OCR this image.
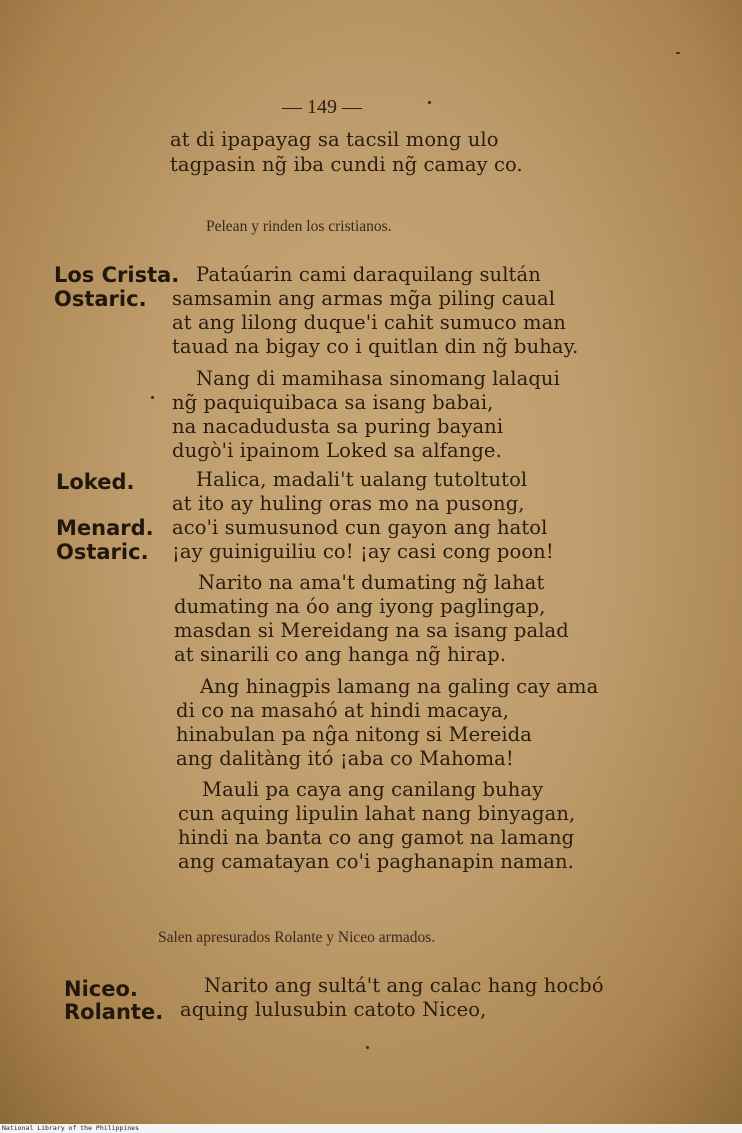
— 149 —
at di ipapayag sa tacsil mong ulo
tagpasin ng̃ iba cundi ng̃ camay co.
Pelean y rinden los cristianos.
Los Crista. Pataúarin cami daraquilang sultán
Ostaric. samsamin ang armas mg̃a piling caual
at ang lilong duque'i cahit sumuco man
tauad na bigay co i quitlan din ng̃ buhay.
Nang di mamihasa sinomang lalaqui
ng̃ paquiquibaca sa isang babai,
na nacadudusta sa puring bayani
dugò'i ipainom Loked sa alfange.
Loked.	Halica, madali't ualang tutoltutol
at ito ay huling oras mo na pusong,
Menard. aco'i sumusunod cun gayon ang hatol
Ostaric. ¡ay guiniguiliu co! ¡ay casi cong poon!
Narito na ama't dumating ng̃ lahat
dumating na óo ang iyong paglingap,
masdan si Mereidang na sa isang palad
at sinarili co ang hanga ng̃ hirap.
Ang hinagpis lamang na galing cay ama
di co na masahó at hindi macaya,
hinabulan pa nĝa nitong si Mereida
ang dalitàng itó ¡aba co Mahoma!
Mauli pa caya ang canilang buhay
cun aquing lipulin lahat nang binyagan,
hindi na banta co ang gamot na lamang
ang camatayan co'i paghanapin naman.
Salen apresurados Rolante y Niceo armados.
Niceo.	Narito ang sultá't ang calac hang hocbó
Rolante. aquing lulusubin catoto Niceo,
National Library of the Philippines
